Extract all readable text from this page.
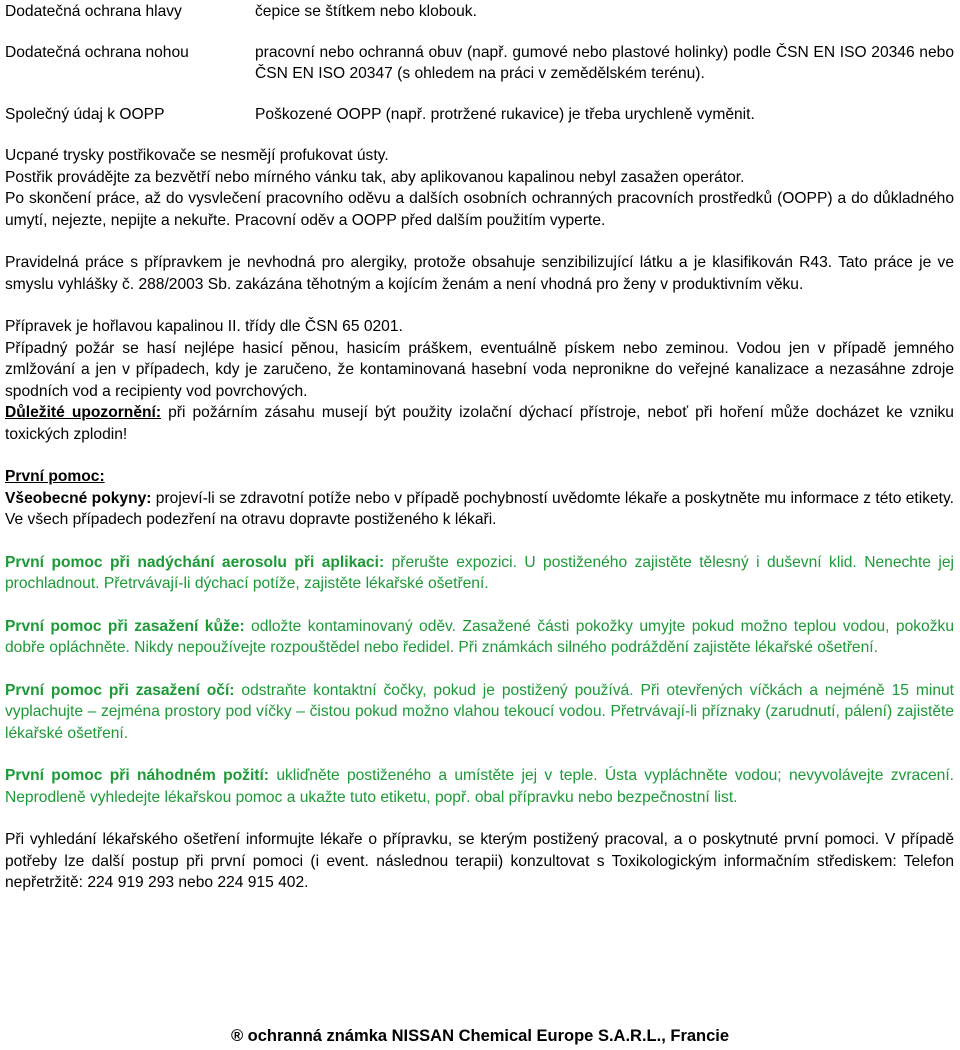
Dodatečná ochrana hlavy	čepice se štítkem nebo klobouk.

Dodatečná ochrana nohou	pracovní nebo ochranná obuv (např. gumové nebo plastové holinky) podle ČSN EN ISO 20346 nebo ČSN EN ISO 20347 (s ohledem na práci v zemědělském terénu).

Společný údaj k OOPP	Poškozené OOPP (např. protržené rukavice) je třeba urychleně vyměnit.

Ucpané trysky postřikovače se nesmějí profukovat ústy.

Postřik provádějte za bezvětří nebo mírného vánku tak, aby aplikovanou kapalinou nebyl zasažen operátor.

Po skončení práce, až do vysvlečení pracovního oděvu a dalších osobních ochranných pracovních prostředků (OOPP) a do důkladného umytí, nejezte, nepijte a nekuřte. Pracovní oděv a OOPP před dalším použitím vyperte.

Pravidelná práce s přípravkem je nevhodná pro alergiky, protože obsahuje senzibilizující látku a je klasifikován R43. Tato práce je ve smyslu vyhlášky č. 288/2003 Sb. zakázána těhotným a kojícím ženám a není vhodná pro ženy v produktivním věku.

Přípravek je hořlavou kapalinou II. třídy dle ČSN 65 0201.

Případný požár se hasí nejlépe hasicí pěnou, hasicím práškem, eventuálně pískem nebo zeminou. Vodou jen v případě jemného zmlžování a jen v případech, kdy je zaručeno, že kontaminovaná hasební voda nepronikne do veřejné kanalizace a nezasáhne zdroje spodních vod a recipienty vod povrchových.

Důležité upozornění: při požárním zásahu musejí být použity izolační dýchací přístroje, neboť při hoření může docházet ke vzniku toxických zplodin!

První pomoc:

Všeobecné pokyny: projeví-li se zdravotní potíže nebo v případě pochybností uvědomte lékaře a poskytněte mu informace z této etikety. Ve všech případech podezření na otravu dopravte postiženého k lékaři.

První pomoc při nadýchání aerosolu při aplikaci: přerušte expozici. U postiženého zajistěte tělesný i duševní klid. Nenechte jej prochladnout. Přetrvávají-li dýchací potíže, zajistěte lékařské ošetření.

První pomoc při zasažení kůže: odložte kontaminovaný oděv. Zasažené části pokožky umyjte pokud možno teplou vodou, pokožku dobře opláchněte. Nikdy nepoužívejte rozpouštědel nebo ředidel. Při známkách silného podráždění zajistěte lékařské ošetření.

První pomoc při zasažení očí: odstraňte kontaktní čočky, pokud je postižený používá. Při otevřených víčkách a nejméně 15 minut vyplachujte – zejména prostory pod víčky – čistou pokud možno vlahou tekoucí vodou. Přetrvávají-li příznaky (zarudnutí, pálení) zajistěte lékařské ošetření.

První pomoc při náhodném požití: ukliďněte postiženého a umístěte jej v teple. Ústa vypláchněte vodou; nevyvolávejte zvracení. Neprodleně vyhledejte lékařskou pomoc a ukažte tuto etiketu, popř. obal přípravku nebo bezpečnostní list.

Při vyhledání lékařského ošetření informujte lékaře o přípravku, se kterým postižený pracoval, a o poskytnuté první pomoci. V případě potřeby lze další postup při první pomoci (i event. následnou terapii) konzultovat s Toxikologickým informačním střediskem: Telefon nepřetržitě: 224 919 293 nebo 224 915 402.

® ochranná známka NISSAN Chemical Europe S.A.R.L., Francie
